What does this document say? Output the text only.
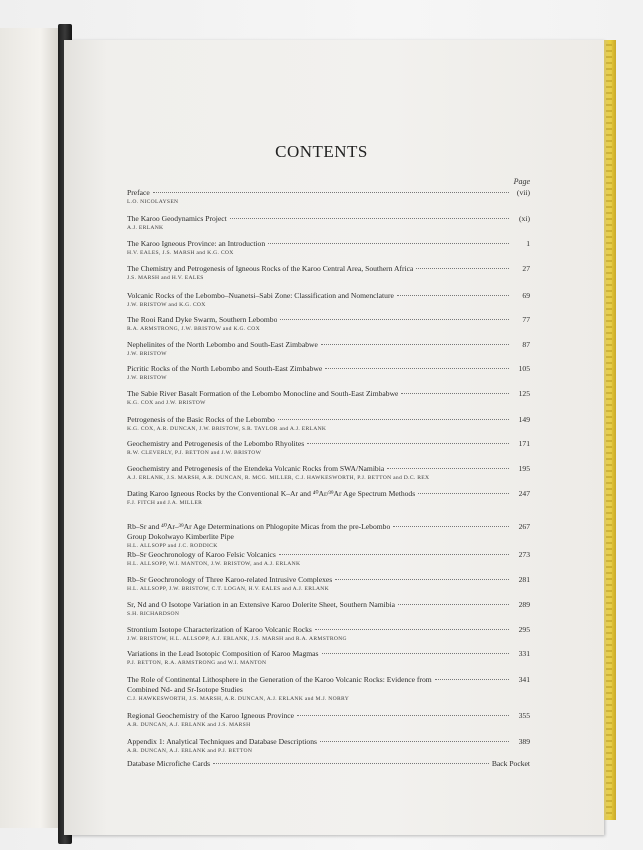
CONTENTS
Page
Preface	(vii)
L.O. NICOLAYSEN
The Karoo Geodynamics Project	(xi)
A.J. ERLANK
The Karoo Igneous Province: an Introduction	1
H.V. EALES, J.S. MARSH and K.G. COX
The Chemistry and Petrogenesis of Igneous Rocks of the Karoo Central Area, Southern Africa	27
J.S. MARSH and H.V. EALES
Volcanic Rocks of the Lebombo–Nuanetsi–Sabi Zone: Classification and Nomenclature	69
J.W. BRISTOW and K.G. COX
The Rooi Rand Dyke Swarm, Southern Lebombo	77
R.A. ARMSTRONG, J.W. BRISTOW and K.G. COX
Nephelinites of the North Lebombo and South-East Zimbabwe	87
J.W. BRISTOW
Picritic Rocks of the North Lebombo and South-East Zimbabwe	105
J.W. BRISTOW
The Sabie River Basalt Formation of the Lebombo Monocline and South-East Zimbabwe	125
K.G. COX and J.W. BRISTOW
Petrogenesis of the Basic Rocks of the Lebombo	149
K.G. COX, A.R. DUNCAN, J.W. BRISTOW, S.R. TAYLOR and A.J. ERLANK
Geochemistry and Petrogenesis of the Lebombo Rhyolites	171
R.W. CLEVERLY, P.J. BETTON and J.W. BRISTOW
Geochemistry and Petrogenesis of the Etendeka Volcanic Rocks from SWA/Namibia	195
A.J. ERLANK, J.S. MARSH, A.R. DUNCAN, R. MCG. MILLER, C.J. HAWKESWORTH, P.J. BETTON and D.C. REX
Dating Karoo Igneous Rocks by the Conventional K–Ar and ⁴⁰Ar/³⁹Ar Age Spectrum Methods	247
F.J. FITCH and J.A. MILLER
Rb–Sr and ⁴⁰Ar–³⁹Ar Age Determinations on Phlogopite Micas from the pre-Lebombo	267
Group Dokolwayo Kimberlite Pipe
H.L. ALLSOPP and J.C. RODDICK
Rb–Sr Geochronology of Karoo Felsic Volcanics	273
H.L. ALLSOPP, W.I. MANTON, J.W. BRISTOW, and A.J. ERLANK
Rb–Sr Geochronology of Three Karoo-related Intrusive Complexes	281
H.L. ALLSOPP, J.W. BRISTOW, C.T. LOGAN, H.V. EALES and A.J. ERLANK
Sr, Nd and O Isotope Variation in an Extensive Karoo Dolerite Sheet, Southern Namibia	289
S.H. RICHARDSON
Strontium Isotope Characterization of Karoo Volcanic Rocks	295
J.W. BRISTOW, H.L. ALLSOPP, A.J. ERLANK, J.S. MARSH and R.A. ARMSTRONG
Variations in the Lead Isotopic Composition of Karoo Magmas	331
P.J. BETTON, R.A. ARMSTRONG and W.I. MANTON
The Role of Continental Lithosphere in the Generation of the Karoo Volcanic Rocks: Evidence from	341
Combined Nd- and Sr-Isotope Studies
C.J. HAWKESWORTH, J.S. MARSH, A.R. DUNCAN, A.J. ERLANK and M.J. NORRY
Regional Geochemistry of the Karoo Igneous Province	355
A.R. DUNCAN, A.J. ERLANK and J.S. MARSH
Appendix 1: Analytical Techniques and Database Descriptions	389
A.R. DUNCAN, A.J. ERLANK and P.J. BETTON
Database Microfiche Cards	Back Pocket
